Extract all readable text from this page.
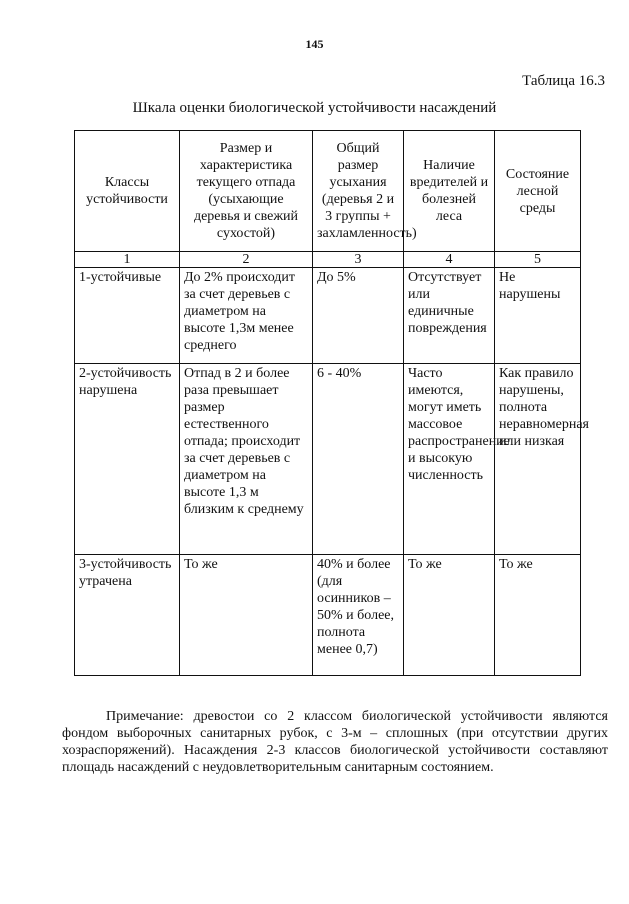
145
Таблица 16.3
Шкала оценки биологической устойчивости насаждений
Классы устойчивости	Размер и характеристика текущего отпада (усыхающие деревья и свежий сухостой)	Общий размер усыхания (деревья 2 и 3 группы + захламленность)	Наличие вредителей и болезней леса	Состояние лесной среды
1	2	3	4	5
1-устойчивые	До 2% происходит за счет деревьев с диаметром на высоте 1,3м менее среднего	До 5%	Отсутствует или единичные повреждения	Не нарушены
2-устойчивость нарушена	Отпад в 2 и более раза превышает размер естественного отпада; происходит за счет деревьев с диаметром на высоте 1,3 м близким к среднему	6 - 40%	Часто имеются, могут иметь массовое распространение и высокую численность	Как правило нарушены, полнота неравномерная или низкая
3-устойчивость утрачена	То же	40% и более (для осинников – 50% и более, полнота менее 0,7)	То же	То же
Примечание: древостои со 2 классом биологической устойчивости являются фондом выборочных санитарных рубок, с 3-м – сплошных (при отсутствии других хозраспоряжений). Насаждения 2-3 классов биологической устойчивости составляют площадь насаждений с неудовлетворительным санитарным состоянием.
